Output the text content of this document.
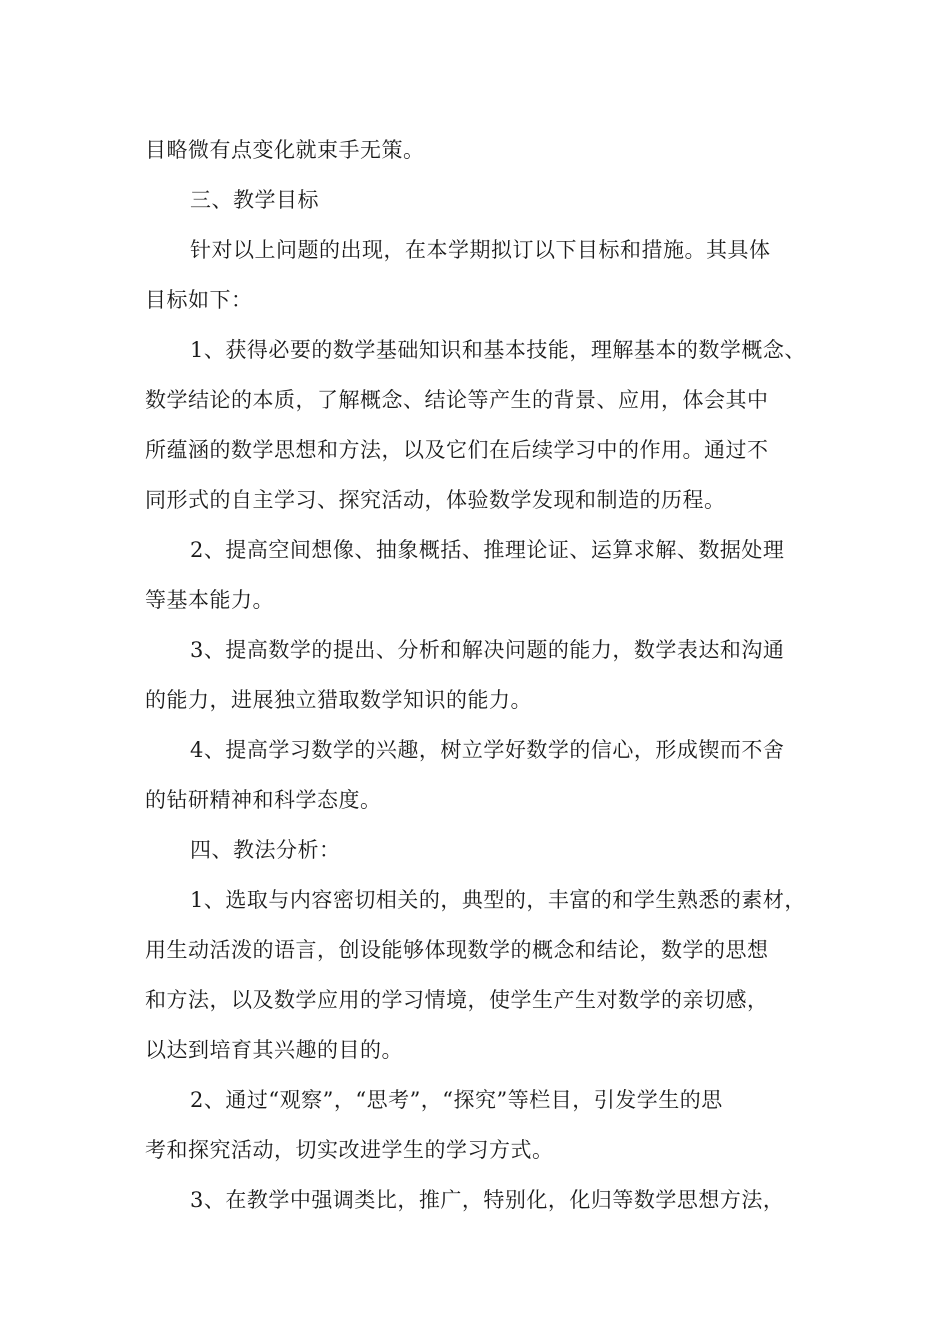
目略微有点变化就束手无策。

三、教学目标

针对以上问题的出现，在本学期拟订以下目标和措施。其具体

目标如下：

1、获得必要的数学基础知识和基本技能，理解基本的数学概念、

数学结论的本质，了解概念、结论等产生的背景、应用，体会其中

所蕴涵的数学思想和方法，以及它们在后续学习中的作用。通过不

同形式的自主学习、探究活动，体验数学发现和制造的历程。

2、提高空间想像、抽象概括、推理论证、运算求解、数据处理

等基本能力。

3、提高数学的提出、分析和解决问题的能力，数学表达和沟通

的能力，进展独立猎取数学知识的能力。

4、提高学习数学的兴趣，树立学好数学的信心，形成锲而不舍

的钻研精神和科学态度。

四、教法分析：

1、选取与内容密切相关的，典型的，丰富的和学生熟悉的素材，

用生动活泼的语言，创设能够体现数学的概念和结论，数学的思想

和方法，以及数学应用的学习情境，使学生产生对数学的亲切感，

以达到培育其兴趣的目的。

2、通过“观察”，“思考”，“探究”等栏目，引发学生的思

考和探究活动，切实改进学生的学习方式。

3、在教学中强调类比，推广，特别化，化归等数学思想方法，
